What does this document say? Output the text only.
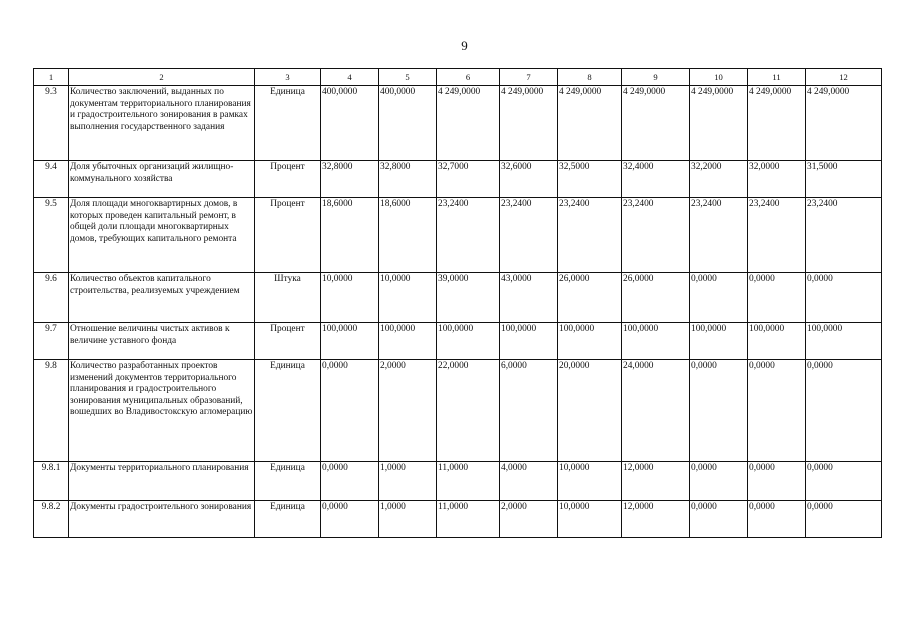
9
1	2	3	4	5	6	7	8	9	10	11	12
9.3	Количество заключений, выданных по документам территориального планирования и градостроительного зонирования в рамках выполнения государственного задания	Единица	400,0000	400,0000	4 249,0000	4 249,0000	4 249,0000	4 249,0000	4 249,0000	4 249,0000	4 249,0000
9.4	Доля убыточных организаций жилищно-коммунального хозяйства	Процент	32,8000	32,8000	32,7000	32,6000	32,5000	32,4000	32,2000	32,0000	31,5000
9.5	Доля площади многоквартирных домов, в которых проведен капитальный ремонт, в общей доли площади многоквартирных домов, требующих капитального ремонта	Процент	18,6000	18,6000	23,2400	23,2400	23,2400	23,2400	23,2400	23,2400	23,2400
9.6	Количество объектов капитального строительства, реализуемых учреждением	Штука	10,0000	10,0000	39,0000	43,0000	26,0000	26,0000	0,0000	0,0000	0,0000
9.7	Отношение величины чистых активов к величине уставного фонда	Процент	100,0000	100,0000	100,0000	100,0000	100,0000	100,0000	100,0000	100,0000	100,0000
9.8	Количество разработанных проектов изменений документов территориального планирования и градостроительного зонирования муниципальных образований, вошедших во Владивостокскую агломерацию	Единица	0,0000	2,0000	22,0000	6,0000	20,0000	24,0000	0,0000	0,0000	0,0000
9.8.1	Документы территориального планирования	Единица	0,0000	1,0000	11,0000	4,0000	10,0000	12,0000	0,0000	0,0000	0,0000
9.8.2	Документы градостроительного зонирования	Единица	0,0000	1,0000	11,0000	2,0000	10,0000	12,0000	0,0000	0,0000	0,0000
